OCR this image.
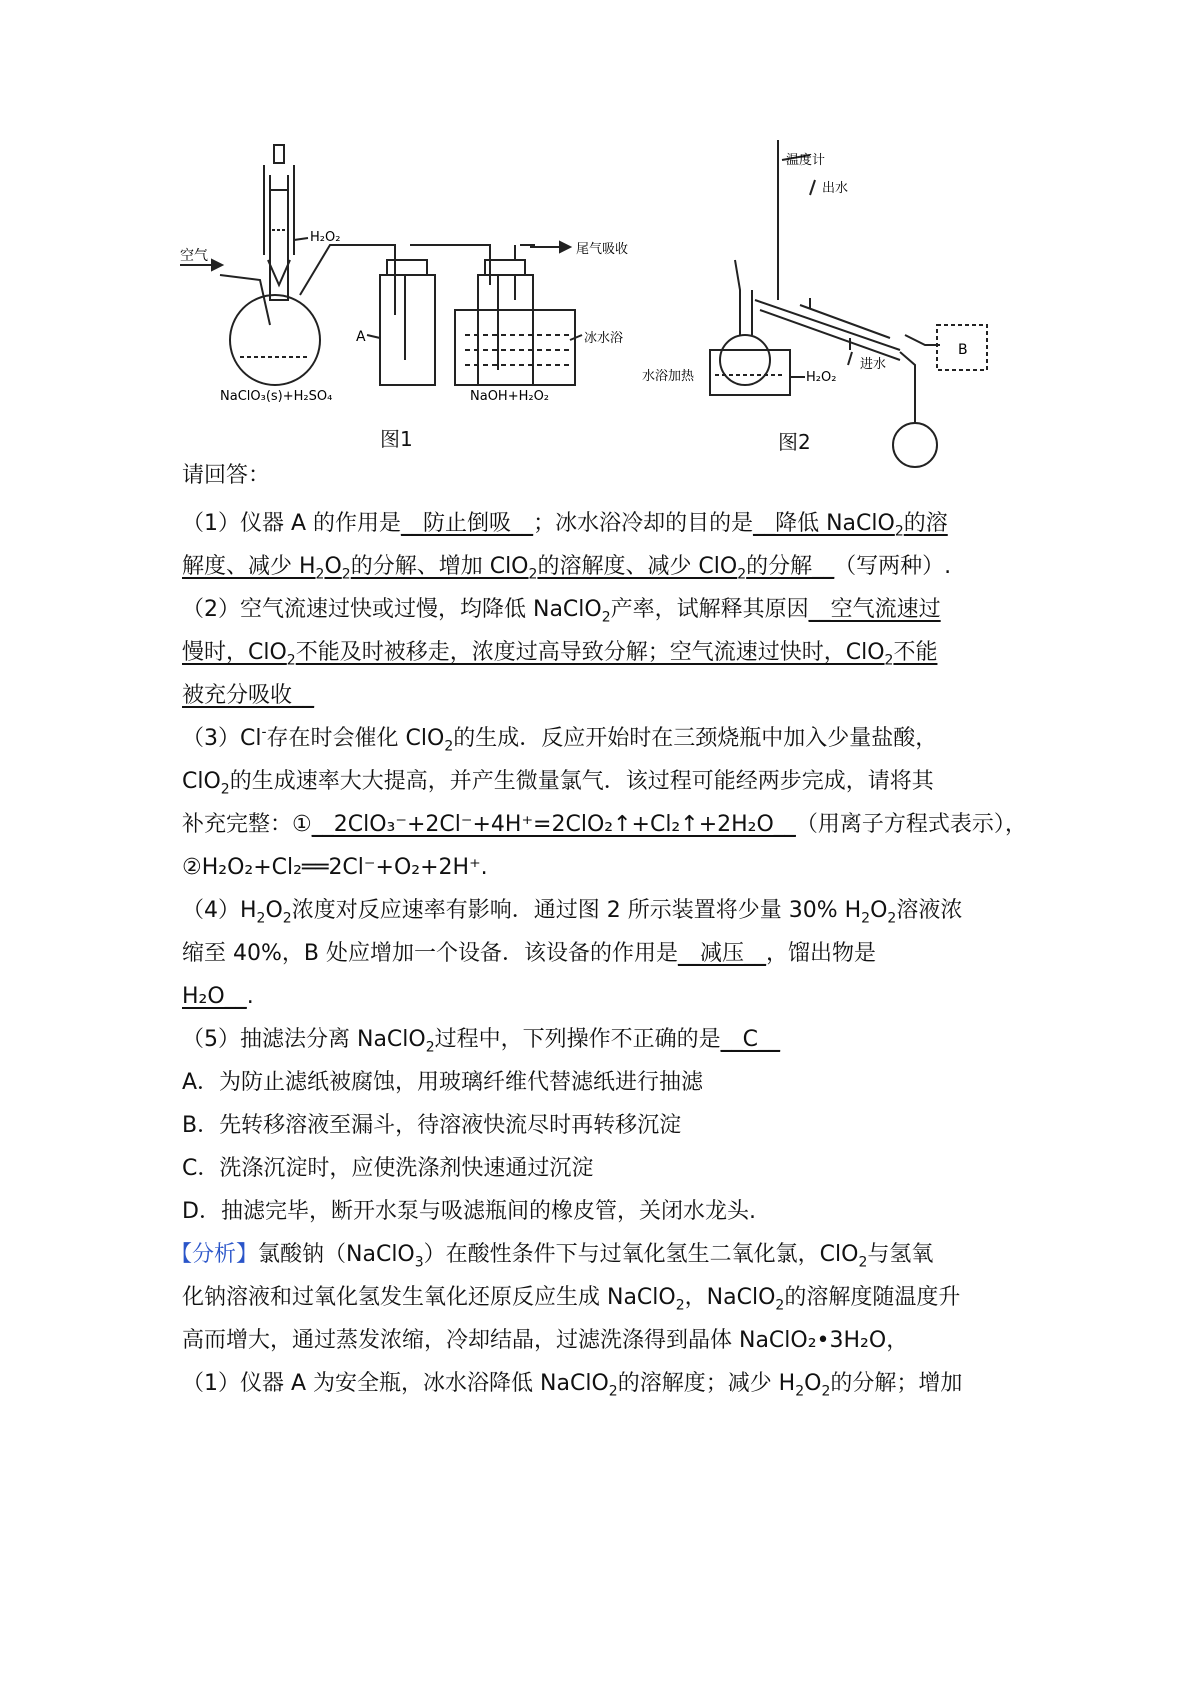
空气
H₂O₂
尾气吸收
A	冰水浴
NaClO₃(s)+H₂SO₄	NaOH+H₂O₂
图1
温度计
出水
B
水浴加热	H₂O₂
进水
图2
请回答：
（1）仪器 A 的作用是__防止倒吸__；冰水浴冷却的目的是__降低 NaClO$_2$的溶
解度、减少 $H_2O_2$的分解、增加 ClO$_2$的溶解度、减少 ClO$_2$的分解__（写两种）.
（2）空气流速过快或过慢，均降低 NaClO$_2$产率，试解释其原因__空气流速过
慢时，ClO$_2$不能及时被移走，浓度过高导致分解；空气流速过快时，ClO$_2$不能
被充分吸收__
（3）Cl-存在时会催化 ClO$_2$的生成．反应开始时在三颈烧瓶中加入少量盐酸，
ClO$_2$的生成速率大大提高，并产生微量氯气．该过程可能经两步完成，请将其
补充完整：①__2ClO₃⁻+2Cl⁻+4H⁺=2ClO₂↑+Cl₂↑+2H₂O__（用离子方程式表示），
②H₂O₂+Cl₂══2Cl⁻+O₂+2H⁺.
$(4)H_2O_2$浓度对反应速率有影响．通过图 2 所示装置将少量 30% $H_2O_2$溶液浓
缩至 40%，B 处应增加一个设备．该设备的作用是__减压__，馏出物是
H₂O__.
（5）抽滤法分离 NaClO$_2$过程中，下列操作不正确的是__C__
A．为防止滤纸被腐蚀，用玻璃纤维代替滤纸进行抽滤
B．先转移溶液至漏斗，待溶液快流尽时再转移沉淀
C．洗涤沉淀时，应使洗涤剂快速通过沉淀
D．抽滤完毕，断开水泵与吸滤瓶间的橡皮管，关闭水龙头.
【分析】氯酸钠（NaClO$_3$）在酸性条件下与过氧化氢生二氧化氯，ClO$_2$与氢氧
化钠溶液和过氧化氢发生氧化还原反应生成 NaClO$_2$，NaClO$_2$的溶解度随温度升
高而增大，通过蒸发浓缩，冷却结晶，过滤洗涤得到晶体 NaClO₂•3H₂O，
（1）仪器 A 为安全瓶，冰水浴降低 NaClO$_2$的溶解度；减少 $H_2O_2$的分解；增加
